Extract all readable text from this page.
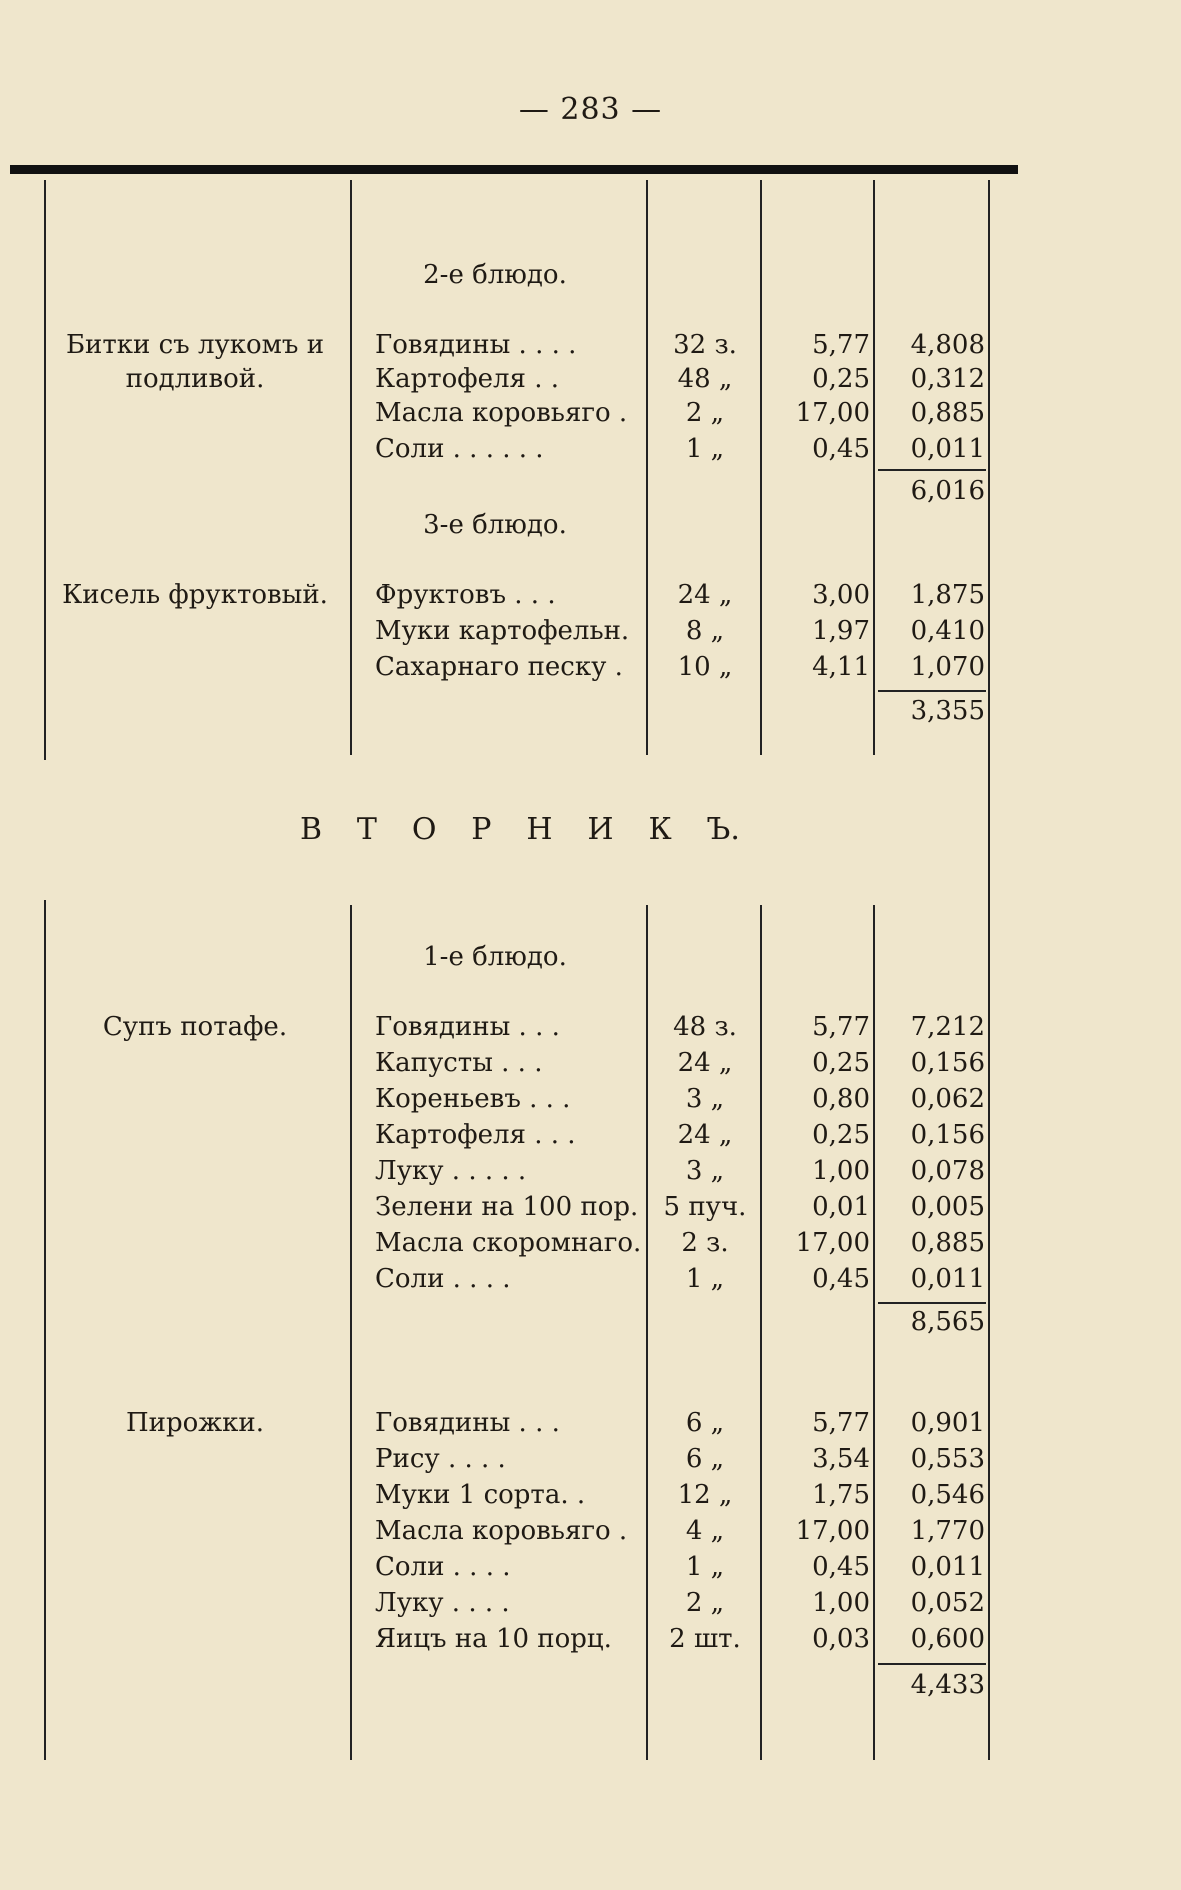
— 283 —
2-е блюдо.
Битки съ лукомъ и
подливой.
Говядины . . . .	32 з.	5,77	4,808
Картофеля . .	48 „	0,25	0,312
Масла коровьяго .	2 „	17,00	0,885
Соли . . . . . .	1 „	0,45	0,011
6,016
3-е блюдо.
Кисель фруктовый.	Фруктовъ . . .	24 „	3,00	1,875
Муки картофельн.	8 „	1,97	0,410
Сахарнаго песку .	10 „	4,11	1,070
3,355
В Т О Р Н И К Ъ.
1-е блюдо.
Супъ потафе.	Говядины . . .	48 з.	5,77	7,212
Капусты . . .	24 „	0,25	0,156
Кореньевъ . . .	3 „	0,80	0,062
Картофеля . . .	24 „	0,25	0,156
Луку . . . . .	3 „	1,00	0,078
Зелени на 100 пор. 5 пуч.	0,01	0,005
Масла скоромнаго.	2 з.	17,00	0,885
Соли . . . .	1 „	0,45	0,011
8,565
Пирожки.	Говядины . . .	6 „	5,77	0,901
Рису . . . .	6 „	3,54	0,553
Муки 1 сорта. .	12 „	1,75	0,546
Масла коровьяго .	4 „	17,00	1,770
Соли . . . .	1 „	0,45	0,011
Луку . . . .	2 „	1,00	0,052
Яицъ на 10 порц.	2 шт.	0,03	0,600
4,433
